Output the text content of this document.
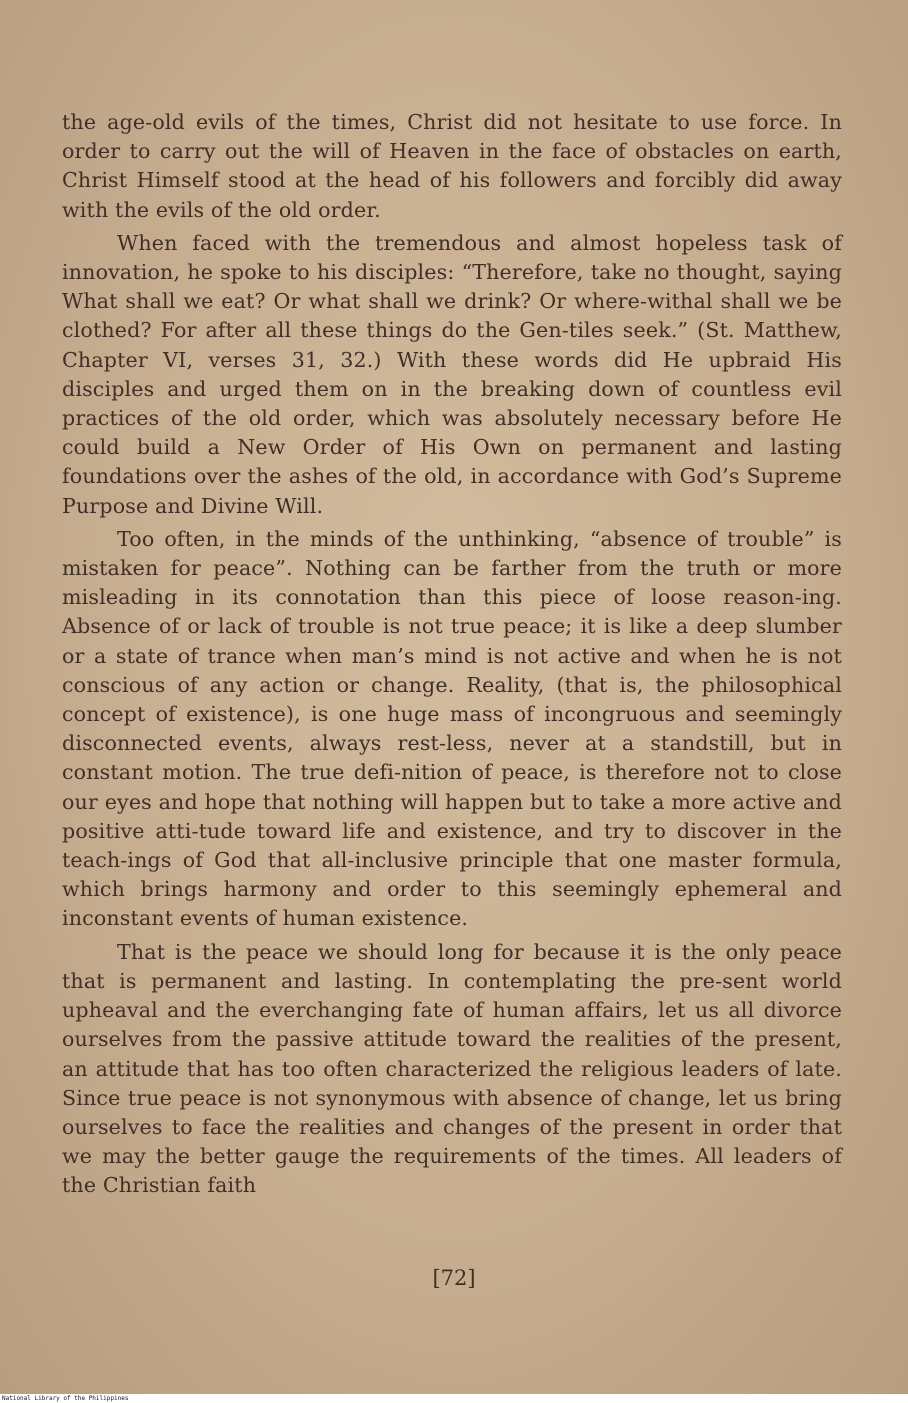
the age-old evils of the times, Christ did not hesitate to use force. In order to carry out the will of Heaven in the face of obstacles on earth, Christ Himself stood at the head of his followers and forcibly did away with the evils of the old order.

When faced with the tremendous and almost hopeless task of innovation, he spoke to his disciples: “Therefore, take no thought, saying What shall we eat? Or what shall we drink? Or where-withal shall we be clothed? For after all these things do the Gen-tiles seek.” (St. Matthew, Chapter VI, verses 31, 32.) With these words did He upbraid His disciples and urged them on in the breaking down of countless evil practices of the old order, which was absolutely necessary before He could build a New Order of His Own on permanent and lasting foundations over the ashes of the old, in accordance with God’s Supreme Purpose and Divine Will.

Too often, in the minds of the unthinking, “absence of trouble” is mistaken for peace”. Nothing can be farther from the truth or more misleading in its connotation than this piece of loose reason-ing. Absence of or lack of trouble is not true peace; it is like a deep slumber or a state of trance when man’s mind is not active and when he is not conscious of any action or change. Reality, (that is, the philosophical concept of existence), is one huge mass of incongruous and seemingly disconnected events, always rest-less, never at a standstill, but in constant motion. The true defi-nition of peace, is therefore not to close our eyes and hope that nothing will happen but to take a more active and positive atti-tude toward life and existence, and try to discover in the teach-ings of God that all-inclusive principle that one master formula, which brings harmony and order to this seemingly ephemeral and inconstant events of human existence.

That is the peace we should long for because it is the only peace that is permanent and lasting. In contemplating the pre-sent world upheaval and the everchanging fate of human affairs, let us all divorce ourselves from the passive attitude toward the realities of the present, an attitude that has too often characterized the religious leaders of late. Since true peace is not synonymous with absence of change, let us bring ourselves to face the realities and changes of the present in order that we may the better gauge the requirements of the times. All leaders of the Christian faith

[72]
National Library of the Philippines
